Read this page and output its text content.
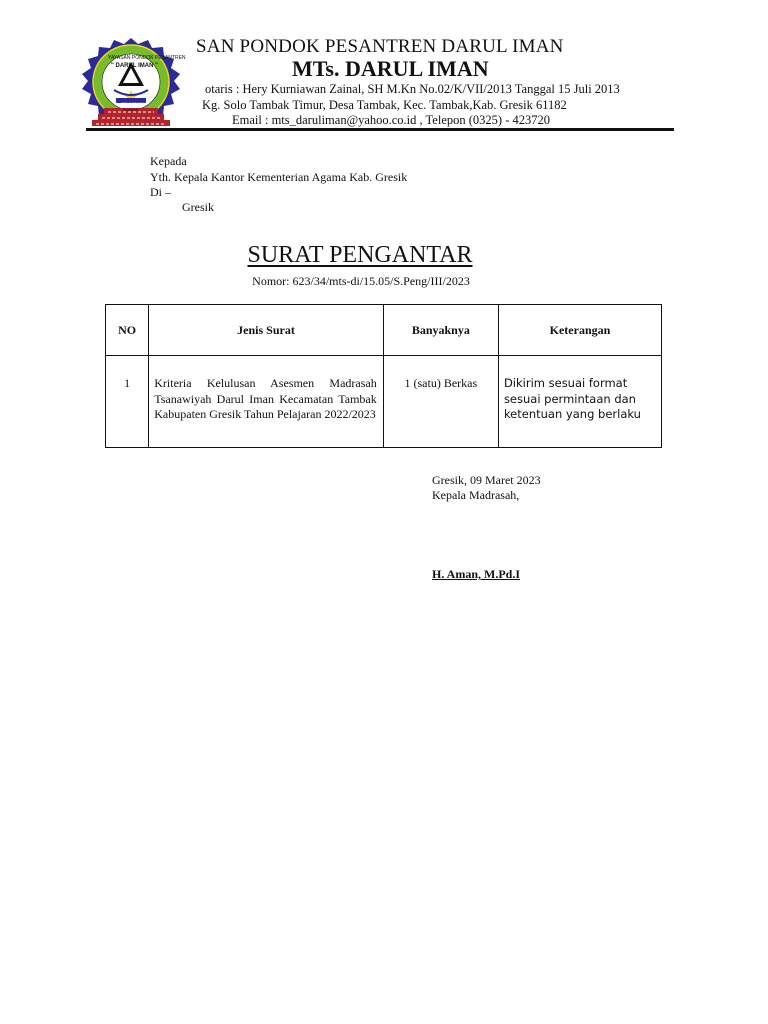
YAYASAN PONDOK PESANTREN
" DARUL IMAN "
Kg. SOLO TAMBAK
BAWEAN
SAN PONDOK PESANTREN DARUL IMAN
MTs. DARUL IMAN
otaris : Hery Kurniawan Zainal, SH M.Kn No.02/K/VII/2013 Tanggal 15 Juli 2013
Kg. Solo Tambak Timur, Desa Tambak, Kec. Tambak,Kab. Gresik 61182
Email : mts_daruliman@yahoo.co.id , Telepon (0325) - 423720
Kepada
Yth. Kepala Kantor Kementerian Agama Kab. Gresik
Di –
Gresik
SURAT PENGANTAR
Nomor: 623/34/mts-di/15.05/S.Peng/III/2023
NO	Jenis Surat	Banyaknya	Keterangan
1	Kriteria Kelulusan Asesmen Madrasah Tsanawiyah Darul Iman Kecamatan Tambak Kabupaten Gresik Tahun Pelajaran 2022/2023	1 (satu) Berkas	Dikirim sesuai format sesuai permintaan dan ketentuan yang berlaku
Gresik, 09 Maret 2023
Kepala Madrasah,
H. Aman, M.Pd.I
